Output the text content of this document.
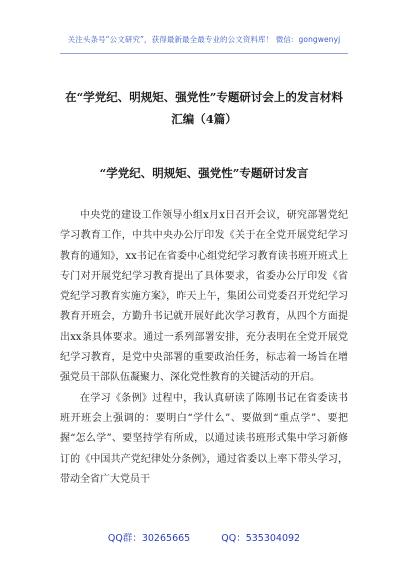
关注头条号“公文研究”，获得最新最全最专业的公文资料库！ 微信：gongwenyj
在“学党纪、明规矩、强党性”专题研讨会上的发言材料
汇编（4篇）
“学党纪、明规矩、强党性”专题研讨发言

中央党的建设工作领导小组x月x日召开会议，研究部署党纪学习教育工作，中共中央办公厅印发《关于在全党开展党纪学习教育的通知》，xx书记在省委中心组党纪学习教育读书班开班式上专门对开展党纪学习教育提出了具体要求，省委办公厅印发《省党纪学习教育实施方案》，昨天上午，集团公司党委召开党纪学习教育开班会，方勤升书记就开展好此次学习教育，从四个方面提出xx条具体要求。通过一系列部署安排，充分表明在全党开展党纪学习教育，是党中央部署的重要政治任务，标志着一场旨在增强党员干部队伍凝聚力、深化党性教育的关键活动的开启。

在学习《条例》过程中，我认真研读了陈刚书记在省委读书班开班会上强调的：要明白“学什么”、要做到“重点学”、要把握“怎么学”、要坚持学有所成，以通过读书班形式集中学习新修订的《中国共产党纪律处分条例》，通过省委以上率下带头学习，带动全省广大党员干

QQ群：30265665	QQ：535304092
